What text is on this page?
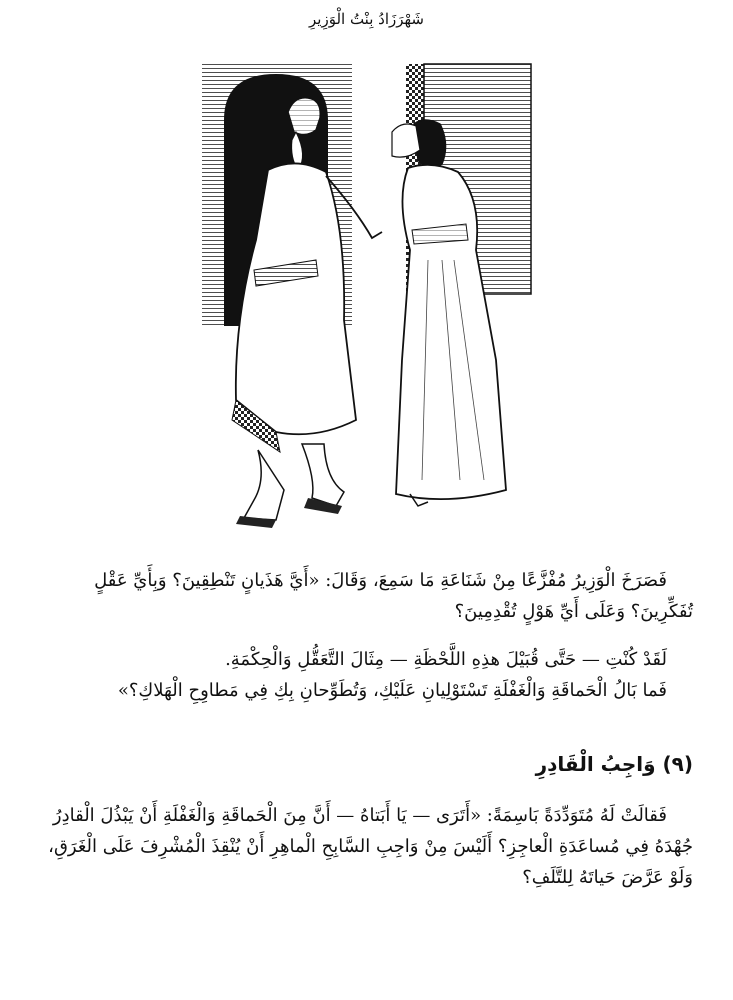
شَهْرَزَادُ بِنْتُ الْوَزِيرِ

فَصَرَخَ الْوَزِيرُ مُفْزَّعًا مِنْ شَنَاعَةِ مَا سَمِعَ، وَقَالَ: «أَيَّ هَذَيانٍ تَنْطِقِينَ؟ وَبِأَيِّ عَقْلٍ
تُفَكِّرِينَ؟ وَعَلَى أَيِّ هَوْلٍ تُقْدِمِينَ؟

لَقَدْ كُنْتِ — حَتَّى قُبَيْلَ هذِهِ اللَّحْظَةِ — مِثَالَ التَّعَقُّلِ وَالْحِكْمَةِ.

فَما بَالُ الْحَماقَةِ وَالْغَفْلَةِ تَسْتَوْلِيانِ عَلَيْكِ، وَتُطَوِّحانِ بِكِ فِي مَطاوِحِ الْهَلاكِ؟»

(٩) وَاجِبُ الْقَادِرِ

فَقالَتْ لَهُ مُتَوَدِّدَةً بَاسِمَةً: «أَتَرَى — يَا أَبَتاهُ — أَنَّ مِنَ الْحَماقَةِ وَالْغَفْلَةِ أَنْ يَبْذُلَ الْقادِرُ
جُهْدَهُ فِي مُساعَدَةِ الْعاجِزِ؟ أَلَيْسَ مِنْ وَاجِبِ السَّابِحِ الْماهِرِ أَنْ يُنْقِذَ الْمُشْرِفَ عَلَى الْغَرَقِ،
وَلَوْ عَرَّضَ حَياتَهُ لِلتَّلَفِ؟
